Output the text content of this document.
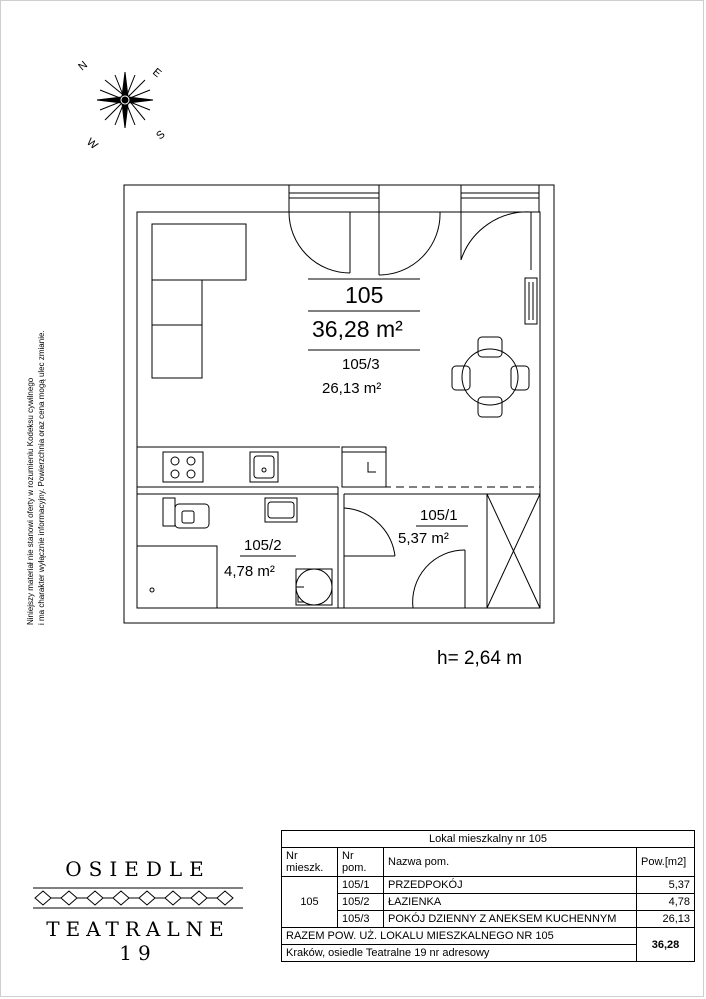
N	E
S
W
Niniejszy materiał nie stanowi oferty w rozumieniu Kodeksu cywilnego i ma charakter wyłącznie informacyjny. Powierzchnia oraz cena mogą ulec zmianie.
105
36,28 m²
105/3
26,13 m²
105/2
4,78 m²
105/1
5,37 m²
h= 2,64 m
OSIEDLE
TEATRALNE 19
Lokal mieszkalny nr 105			
Nr mieszk.	Nr pom.	Nazwa pom.	Pow.[m2]
105	105/1	PRZEDPOKÓJ	5,37
	105/2	ŁAZIENKA	4,78
	105/3	POKÓJ DZIENNY Z ANEKSEM KUCHENNYM	26,13
RAZEM POW. UŻ. LOKALU MIESZKALNEGO NR 105			36,28
Kraków, osiedle Teatralne 19 nr adresowy			
